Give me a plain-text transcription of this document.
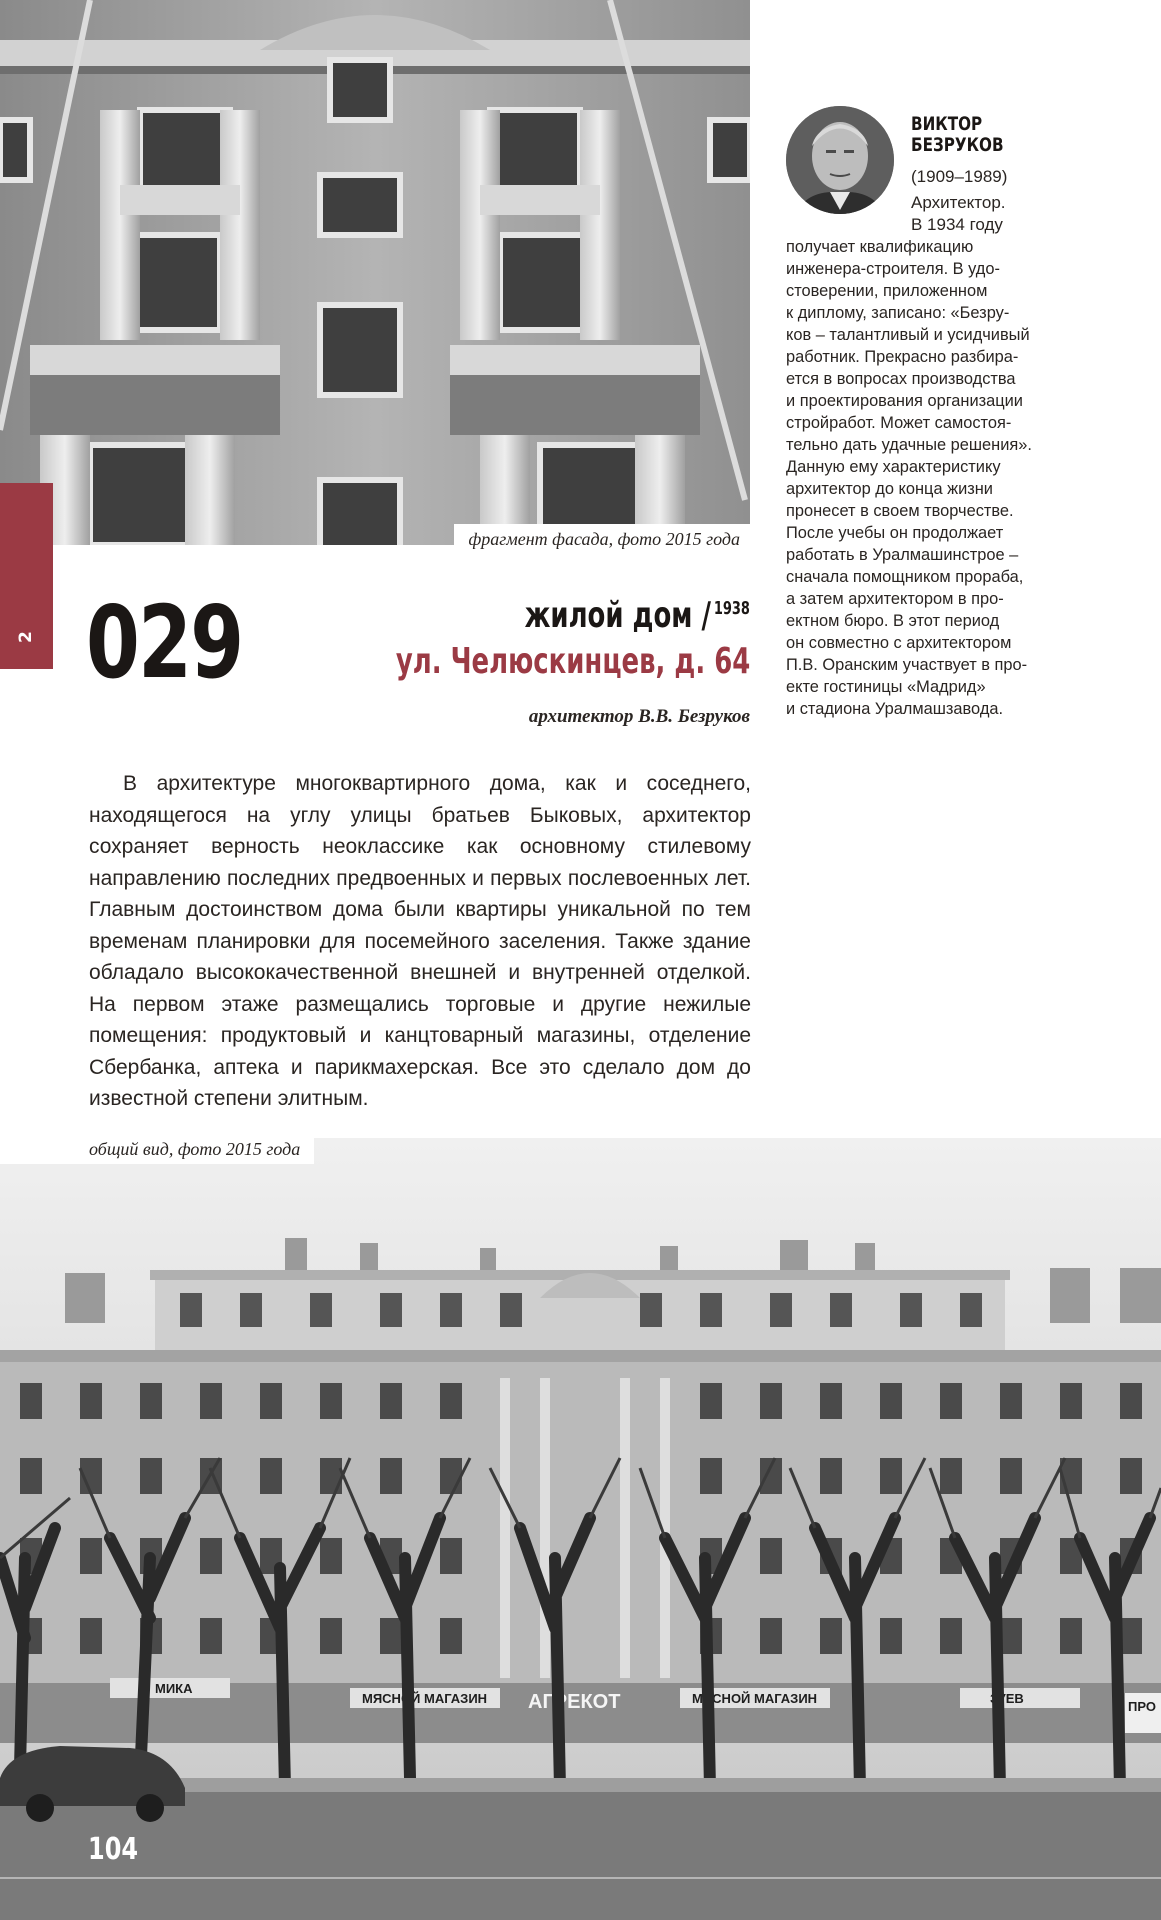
фрагмент фасада, фото 2015 года
2 029	жилой дом / $^{1938}$
ул. Челюскинцев, д. 64
архитектор В.В. Безруков

В архитектуре многоквартирного дома, как и соседнего, находящегося на углу улицы братьев Быковых, архитектор сохраняет верность неоклассике как основному стилевому направлению последних предвоенных и первых послевоенных лет. Главным достоинством дома были квартиры уникальной по тем временам планировки для посемейного заселения. Также здание обладало высококачественной внешней и внутренней отделкой. На первом этаже размещались торговые и другие нежилые помещения: продуктовый и канцтоварный магазины, отделение Сбербанка, аптека и парикмахерская. Все это сделало дом до известной степени элитным.

ВИКТОР
БЕЗРУКОВ
(1909–1989)
Архитектор.
В 1934 году

получает квалификацию
инженера-строителя. В удо-
стоверении, приложенном
к диплому, записано: «Безру-
ков – талантливый и усидчивый
работник. Прекрасно разбира-
ется в вопросах производства
и проектирования организации
стройработ. Может самостоя-
тельно дать удачные решения».
Данную ему характеристику
архитектор до конца жизни
пронесет в своем творчестве.
После учебы он продолжает
работать в Уралмашинстрое –
сначала помощником прораба,
а затем архитектором в про-
ектном бюро. В этот период
он совместно с архитектором
П.В. Оранским участвует в про-
екте гостиницы «Мадрид»
и стадиона Уралмашзавода.

МЯСНОЙ МАГАЗИН АГРЕКОТ	МЯСНОЙ МАГАЗИН	ЗУЕВ
ПРО
МИКА
общий вид, фото 2015 года
104
